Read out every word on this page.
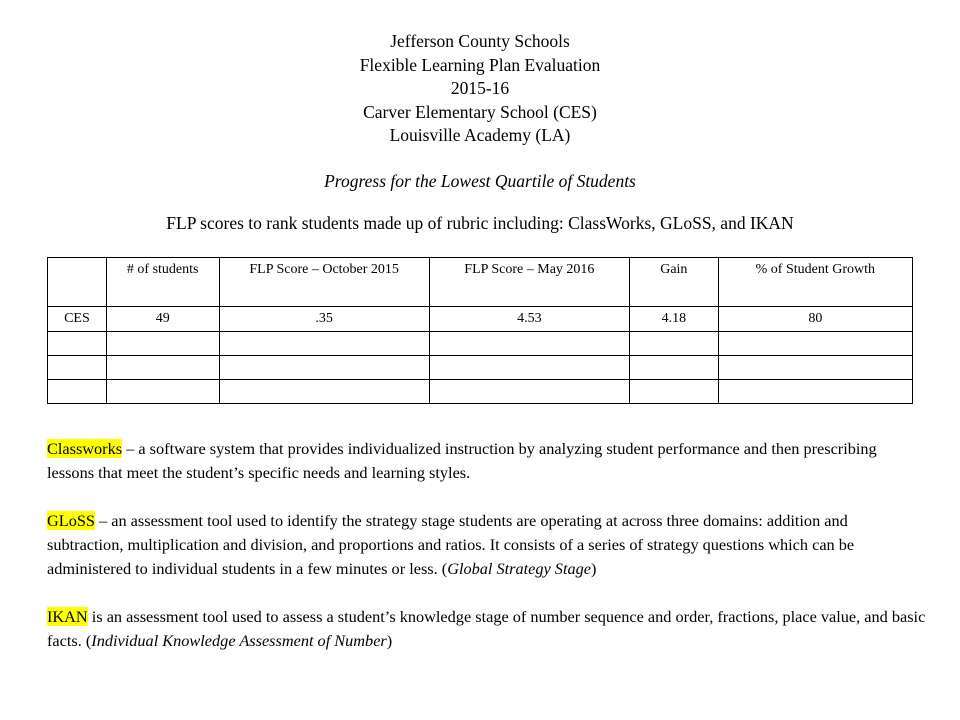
Jefferson County Schools
Flexible Learning Plan Evaluation
2015-16
Carver Elementary School (CES)
Louisville Academy (LA)
Progress for the Lowest Quartile of Students
FLP scores to rank students made up of rubric including: ClassWorks, GLoSS, and IKAN
	# of students	FLP Score – October 2015	FLP Score – May 2016	Gain	% of Student Growth
CES	49	.35	4.53	4.18	80

Classworks – a software system that provides individualized instruction by analyzing student performance and then prescribing lessons that meet the student’s specific needs and learning styles.

GLoSS – an assessment tool used to identify the strategy stage students are operating at across three domains: addition and subtraction, multiplication and division, and proportions and ratios. It consists of a series of strategy questions which can be administered to individual students in a few minutes or less. (Global Strategy Stage)

IKAN is an assessment tool used to assess a student’s knowledge stage of number sequence and order, fractions, place value, and basic facts. (Individual Knowledge Assessment of Number)
